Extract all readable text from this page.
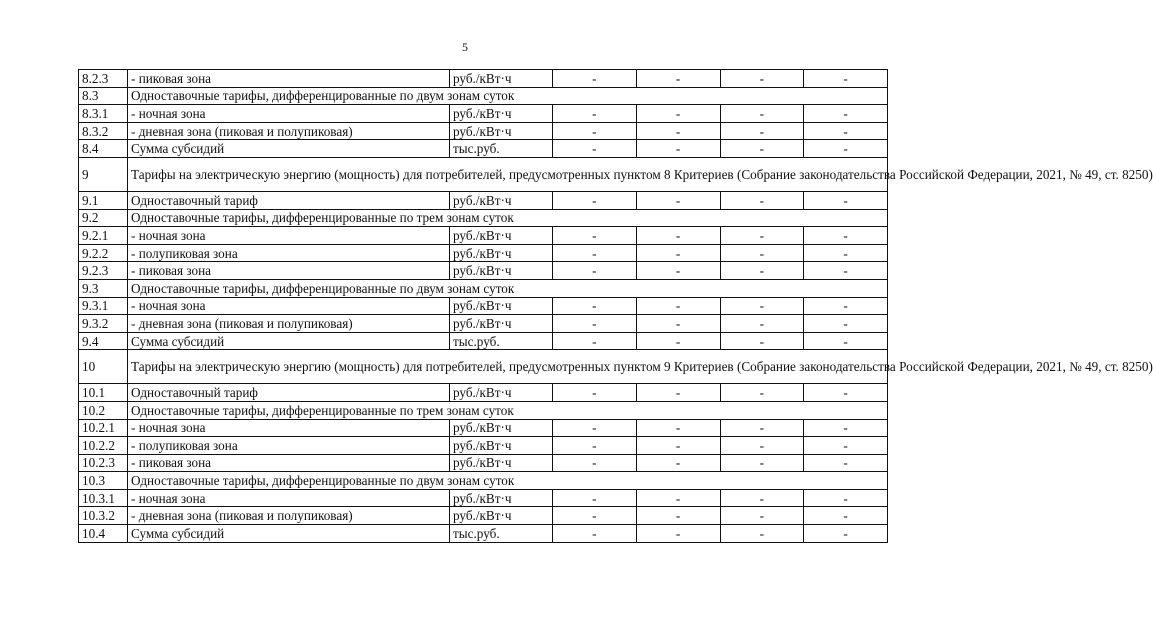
5
8.2.3	- пиковая зона	руб./кВт·ч	-	-	-	-
8.3	Одноставочные тарифы, дифференцированные по двум зонам суток					
8.3.1	- ночная зона	руб./кВт·ч	-	-	-	-
8.3.2	- дневная зона (пиковая и полупиковая)	руб./кВт·ч	-	-	-	-
8.4	Сумма субсидий	тыс.руб.	-	-	-	-
9	Тарифы на электрическую энергию (мощность) для потребителей, предусмотренных пунктом 8 Критериев (Собрание законодательства Российской Федерации, 2021, № 49, ст. 8250)					

9.1	Одноставочный тариф	руб./кВт·ч	-	-	-	-
9.2	Одноставочные тарифы, дифференцированные по трем зонам суток					
9.2.1	- ночная зона	руб./кВт·ч	-	-	-	-
9.2.2	- полупиковая зона	руб./кВт·ч	-	-	-	-
9.2.3	- пиковая зона	руб./кВт·ч	-	-	-	-
9.3	Одноставочные тарифы, дифференцированные по двум зонам суток					
9.3.1	- ночная зона	руб./кВт·ч	-	-	-	-
9.3.2	- дневная зона (пиковая и полупиковая)	руб./кВт·ч	-	-	-	-
9.4	Сумма субсидий	тыс.руб.	-	-	-	-
10	Тарифы на электрическую энергию (мощность) для потребителей, предусмотренных пунктом 9 Критериев (Собрание законодательства Российской Федерации, 2021, № 49, ст. 8250)					

10.1	Одноставочный тариф	руб./кВт·ч	-	-	-	-
10.2	Одноставочные тарифы, дифференцированные по трем зонам суток					
10.2.1	- ночная зона	руб./кВт·ч	-	-	-	-
10.2.2	- полупиковая зона	руб./кВт·ч	-	-	-	-
10.2.3	- пиковая зона	руб./кВт·ч	-	-	-	-
10.3	Одноставочные тарифы, дифференцированные по двум зонам суток					
10.3.1	- ночная зона	руб./кВт·ч	-	-	-	-
10.3.2	- дневная зона (пиковая и полупиковая)	руб./кВт·ч	-	-	-	-
10.4	Сумма субсидий	тыс.руб.	-	-	-	-
